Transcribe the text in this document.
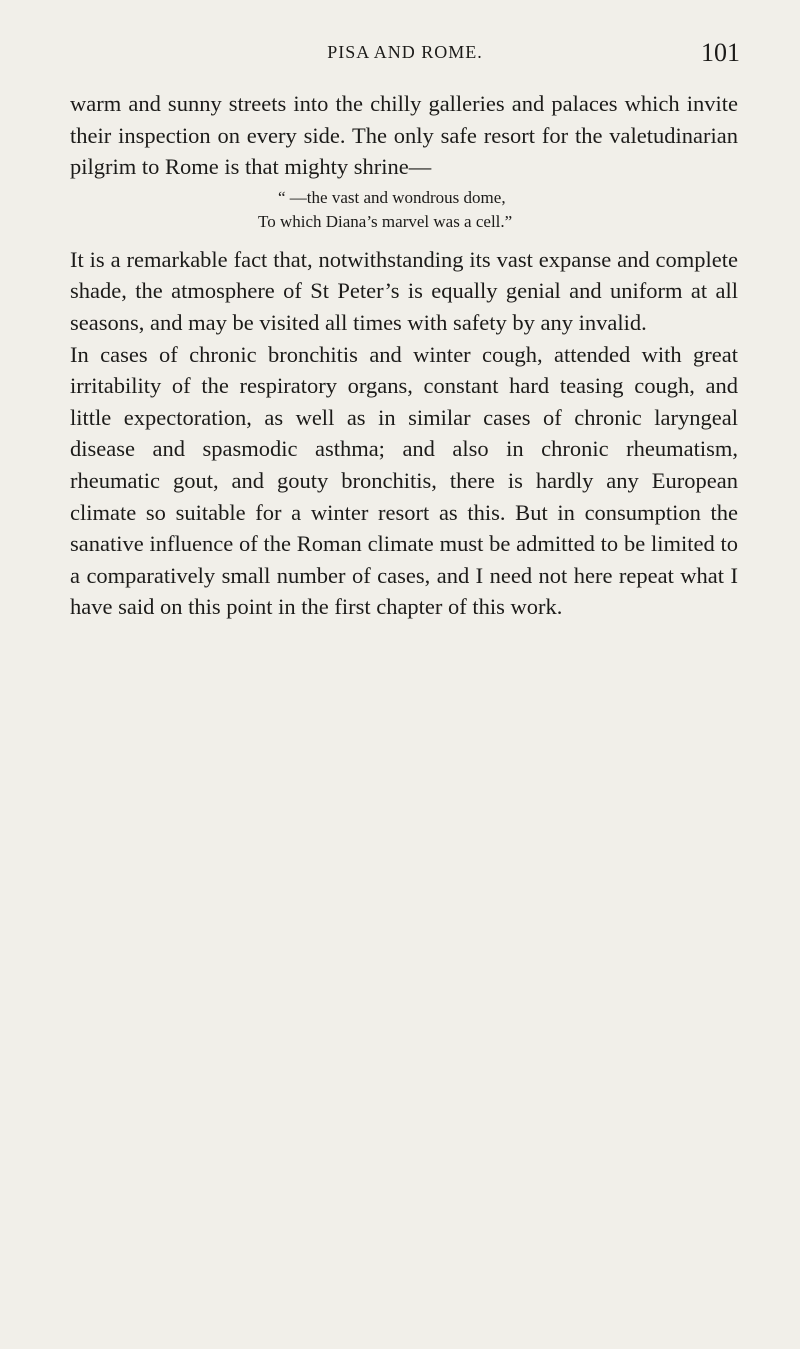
PISA AND ROME.	101

warm and sunny streets into the chilly galleries and palaces which invite their inspection on every side. The only safe resort for the valetudinarian pilgrim to Rome is that mighty shrine—

“ —the vast and wondrous dome,
To which Diana’s marvel was a cell.”

It is a remarkable fact that, notwithstanding its vast expanse and complete shade, the atmosphere of St Peter’s is equally genial and uniform at all seasons, and may be visited all times with safety by any invalid.

In cases of chronic bronchitis and winter cough, attended with great irritability of the respiratory organs, constant hard teasing cough, and little expectoration, as well as in similar cases of chronic laryngeal disease and spasmodic asthma; and also in chronic rheumatism, rheumatic gout, and gouty bronchitis, there is hardly any European climate so suitable for a winter resort as this. But in consumption the sanative influence of the Roman climate must be admitted to be limited to a comparatively small number of cases, and I need not here repeat what I have said on this point in the first chapter of this work.
